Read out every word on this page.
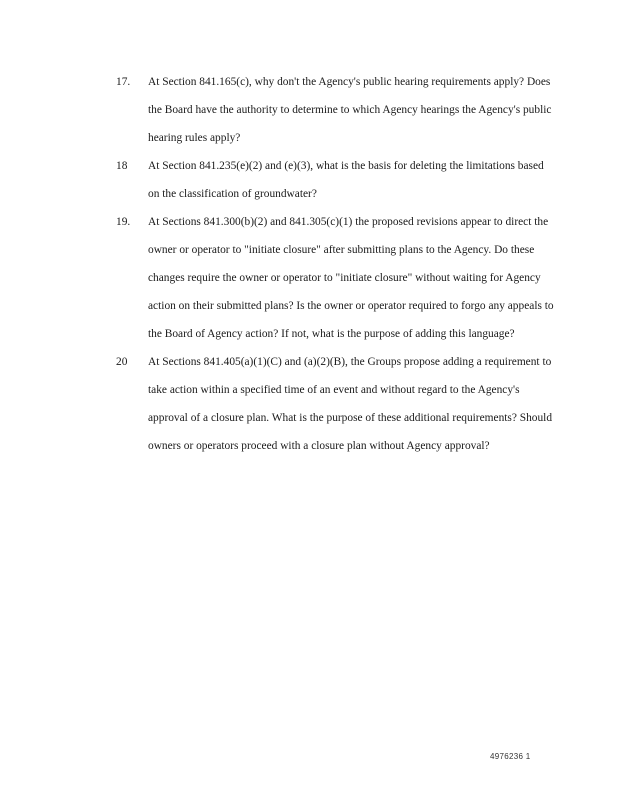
17.	At Section 841.165(c), why don't the Agency's public hearing requirements apply? Does the Board have the authority to determine to which Agency hearings the Agency's public hearing rules apply?
18	At Section 841.235(e)(2) and (e)(3), what is the basis for deleting the limitations based on the classification of groundwater?
19.	At Sections 841.300(b)(2) and 841.305(c)(1) the proposed revisions appear to direct the owner or operator to "initiate closure" after submitting plans to the Agency. Do these changes require the owner or operator to "initiate closure" without waiting for Agency action on their submitted plans? Is the owner or operator required to forgo any appeals to the Board of Agency action? If not, what is the purpose of adding this language?
20	At Sections 841.405(a)(1)(C) and (a)(2)(B), the Groups propose adding a requirement to take action within a specified time of an event and without regard to the Agency's approval of a closure plan. What is the purpose of these additional requirements? Should owners or operators proceed with a closure plan without Agency approval?
4976236 1
